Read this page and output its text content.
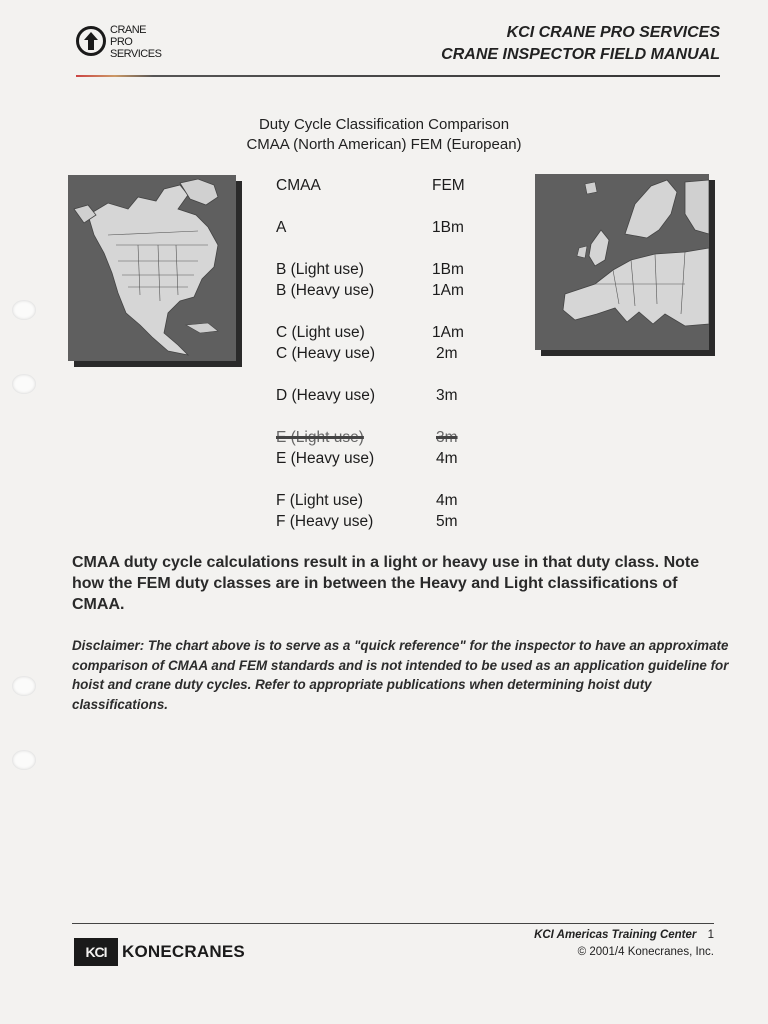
CRANE
PRO
SERVICES
KCI CRANE PRO SERVICES
CRANE INSPECTOR FIELD MANUAL
Duty Cycle Classification Comparison
CMAA (North American) FEM (European)
CMAA	FEM
A	1Bm
B (Light use)	1Bm
B (Heavy use)	1Am
C (Light use)	1Am
C (Heavy use)	2m
D (Heavy use)	3m
E (Light use)	3m
E (Heavy use)	4m
F (Light use)	4m
F (Heavy use)	5m
CMAA duty cycle calculations result in a light or heavy use in that duty class. Note how the FEM duty classes are in between the Heavy and Light classifications of CMAA.
Disclaimer: The chart above is to serve as a "quick reference" for the inspector to have an approximate comparison of CMAA and FEM standards and is not intended to be used as an application guideline for hoist and crane duty cycles. Refer to appropriate publications when determining hoist duty classifications.
KCI KONECRANES
KCI Americas Training Center 1
© 2001/4 Konecranes, Inc.
